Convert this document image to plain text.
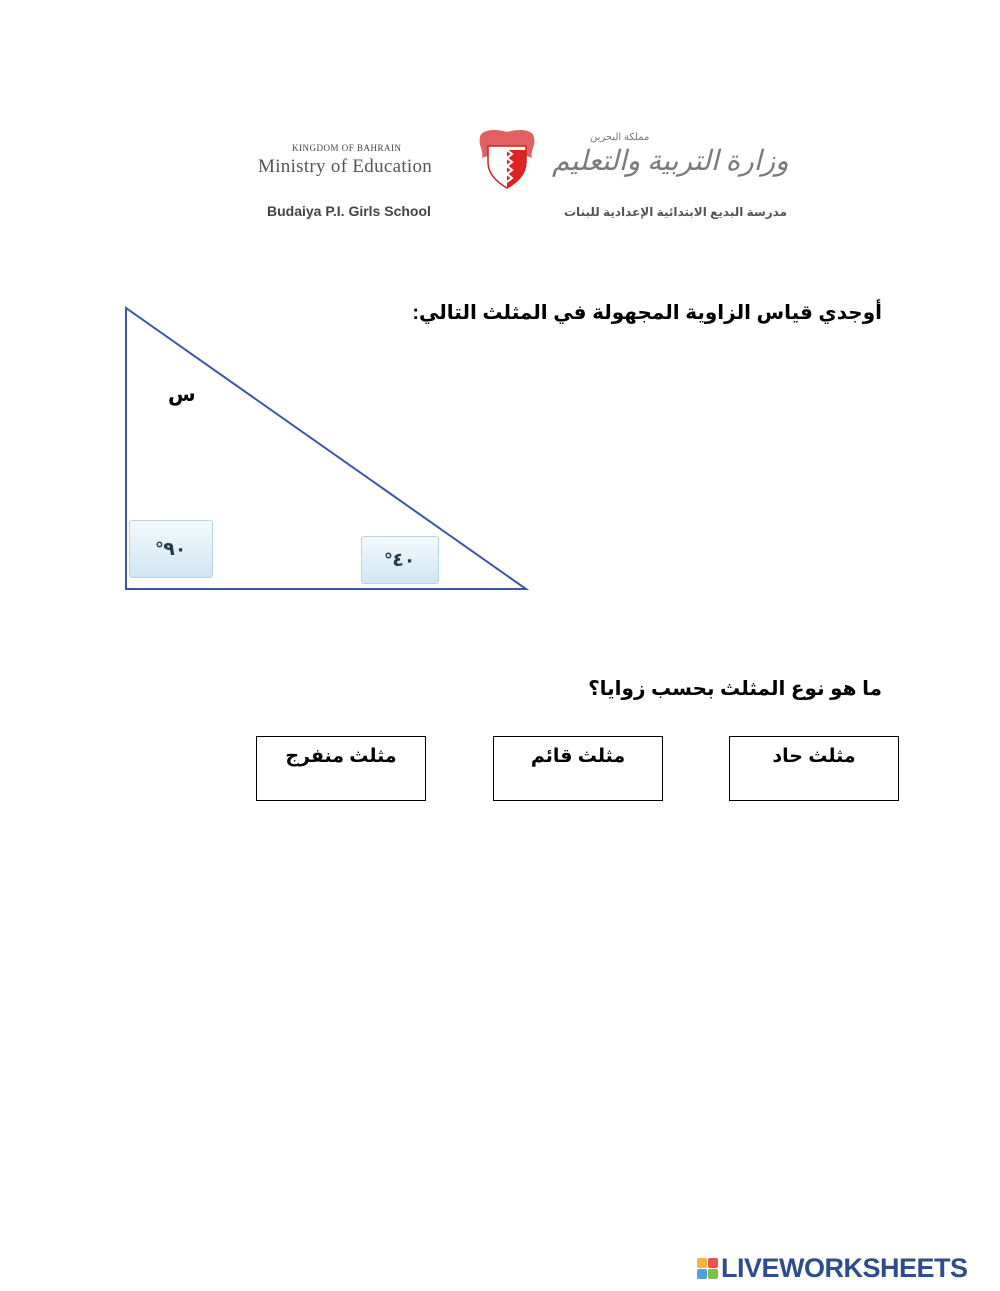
KINGDOM OF BAHRAIN
Ministry of Education
Budaiya P.I. Girls School
مملكة البحرين
وزارة التربية والتعليم
مدرسة البديع الابتدائية الإعدادية للبنات
أوجدي قياس الزاوية المجهولة في المثلث التالي:
س
٩٠°
٤٠°
ما هو نوع المثلث بحسب زوايا؟
مثلث منفرج	مثلث قائم	مثلث حاد
LIVEWORKSHEETS
